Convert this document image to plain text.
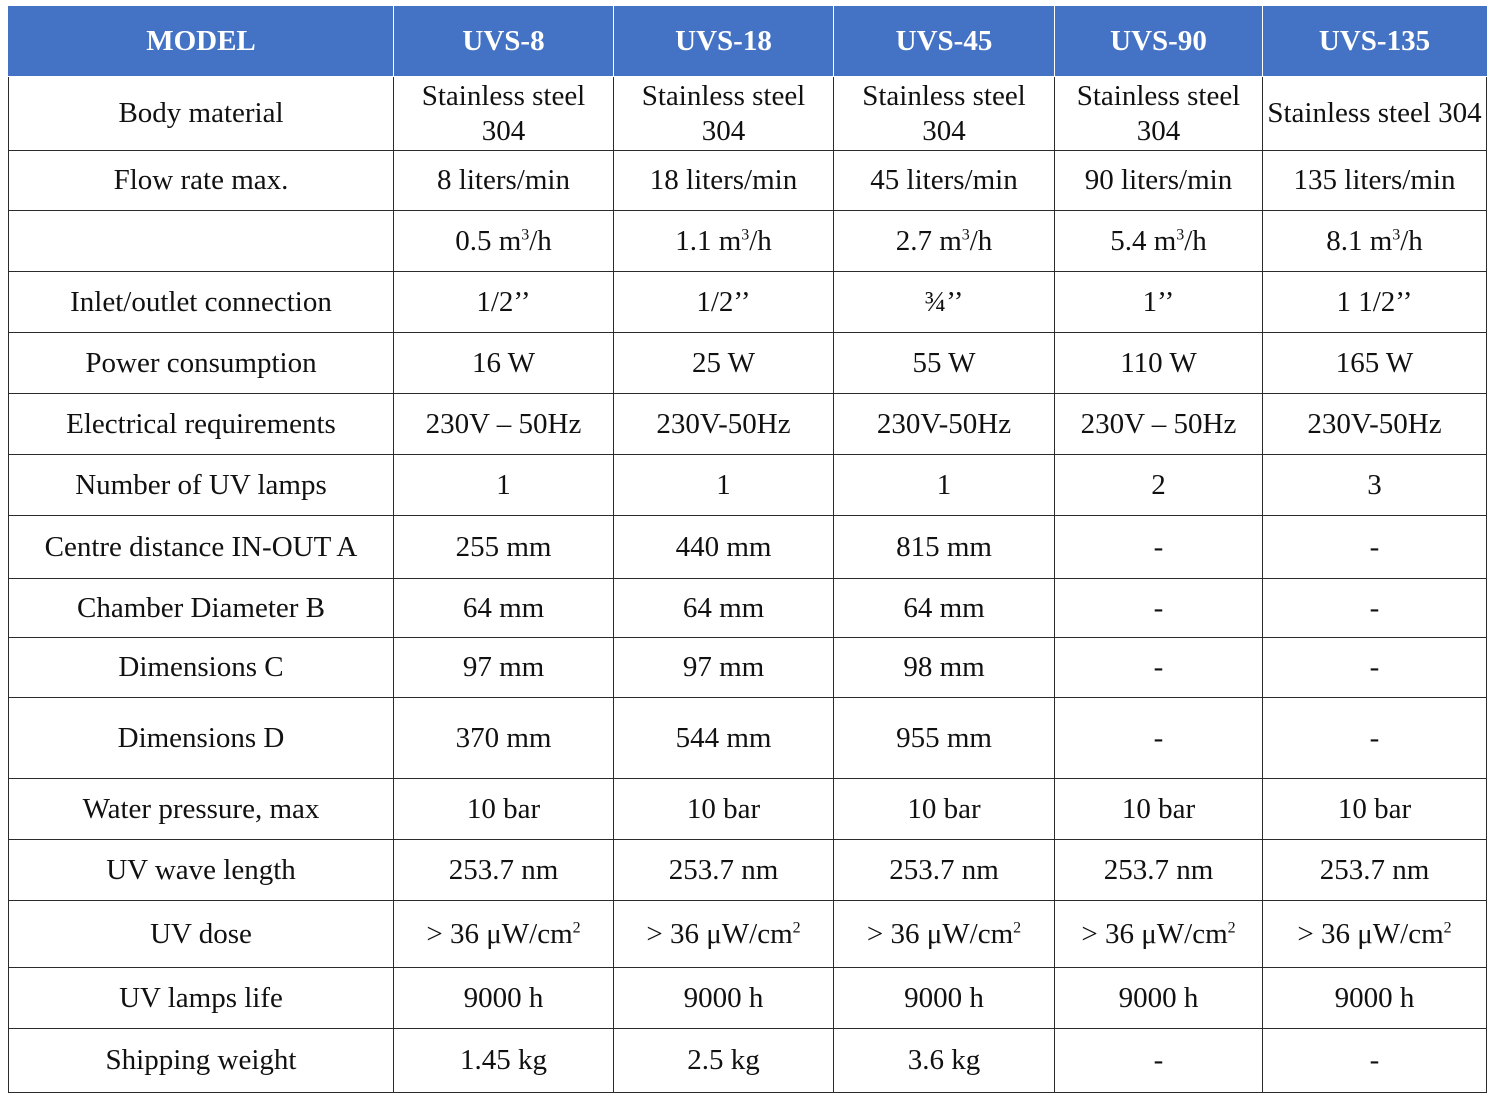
MODEL	UVS-8	UVS-18	UVS-45	UVS-90	UVS-135
Body material	Stainless steel 304	Stainless steel 304	Stainless steel 304	Stainless steel 304	Stainless steel 304
Flow rate max.	8 liters/min	18 liters/min	45 liters/min	90 liters/min	135 liters/min
	0.5 $m^3/h$	1.1 $m^3/h$	2.7 $m^3/h$	5.4 $m^3/h$	8.1 $m^3/h$
Inlet/outlet connection	1/2’’	1/2’’	¾’’	1’’	1 1/2’’
Power consumption	16 W	25 W	55 W	110 W	165 W
Electrical requirements	230V – 50Hz	230V-50Hz	230V-50Hz	230V – 50Hz	230V-50Hz
Number of UV lamps	1	1	1	2	3
Centre distance IN-OUT A	255 mm	440 mm	815 mm	-	-
Chamber Diameter B	64 mm	64 mm	64 mm	-	-
Dimensions C	97 mm	97 mm	98 mm	-	-
Dimensions D	370 mm	544 mm	955 mm	-	-
Water pressure, max	10 bar	10 bar	10 bar	10 bar	10 bar
UV wave length	253.7 nm	253.7 nm	253.7 nm	253.7 nm	253.7 nm
UV dose	> 36 $\mu W/cm^2$	> 36 $\mu W/cm^2$	> 36 $\mu W/cm^2$	> 36 $\mu W/cm^2$	> 36 $\mu W/cm^2$
UV lamps life	9000 h	9000 h	9000 h	9000 h	9000 h
Shipping weight	1.45 kg	2.5 kg	3.6 kg	-	-
